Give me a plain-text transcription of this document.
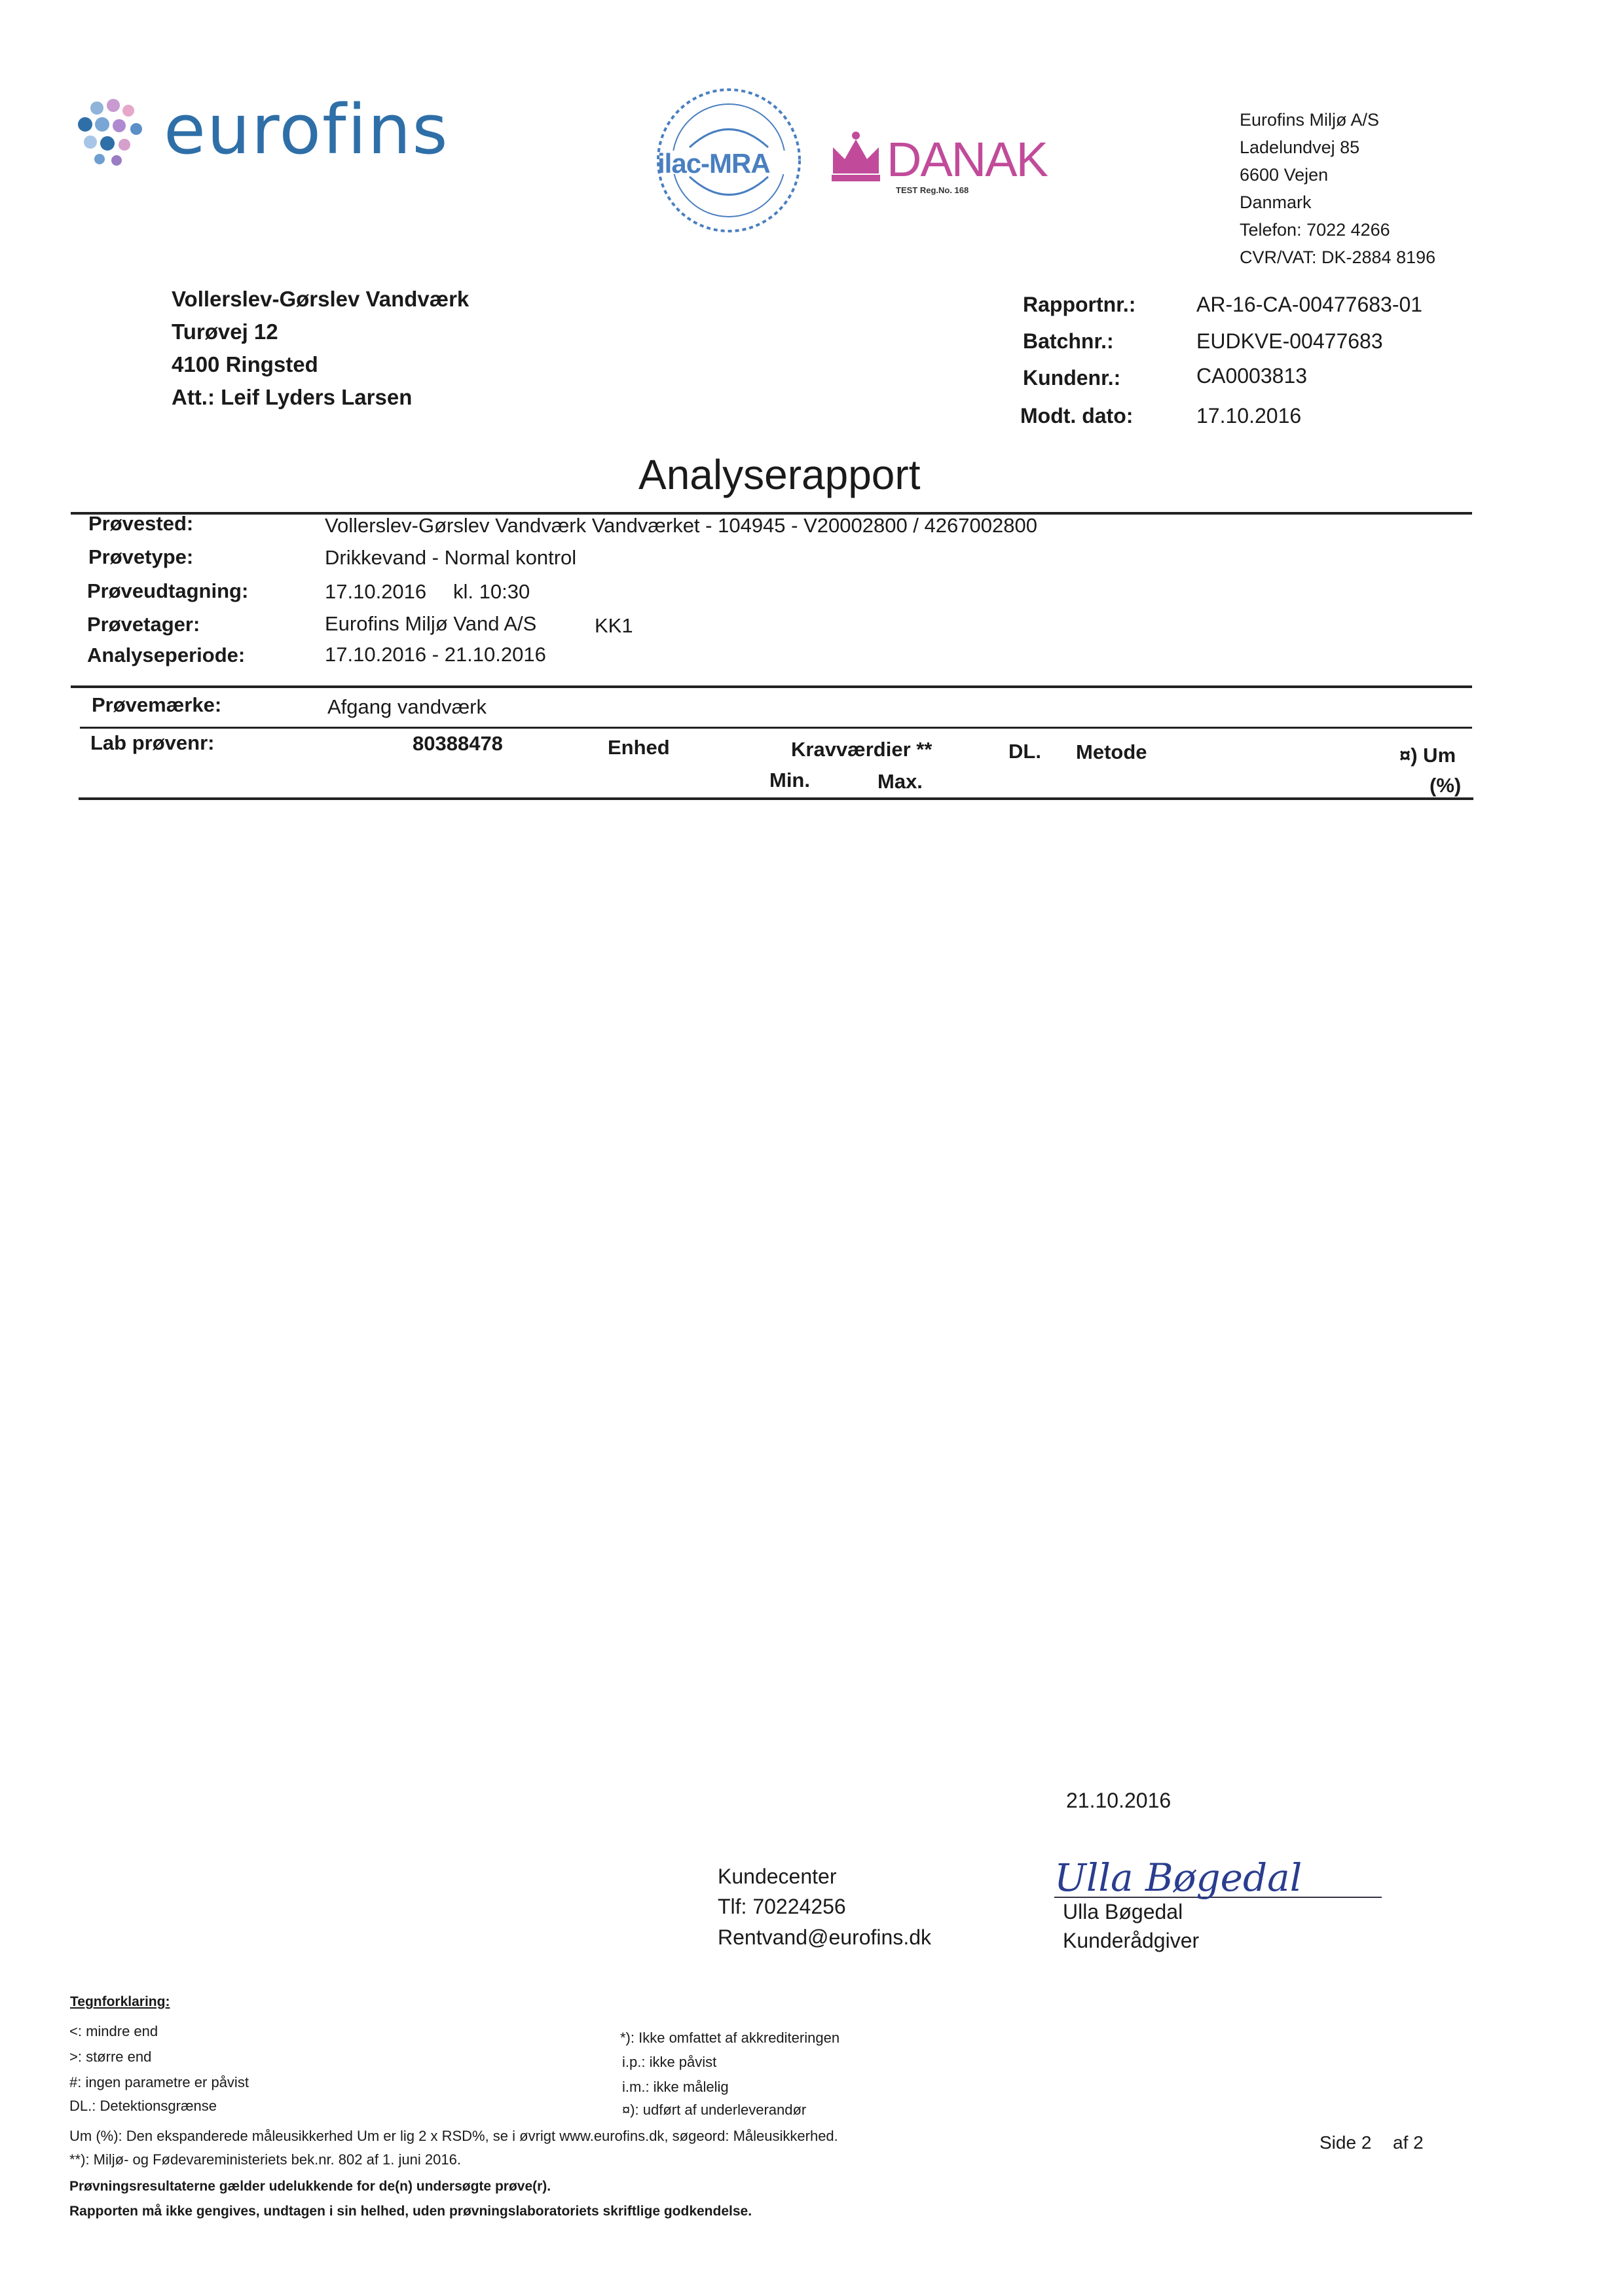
eurofins	ilac-MRA DANAK
TEST Reg.No. 168
Eurofins Miljø A/S
Ladelundvej 85
6600 Vejen
Danmark
Telefon: 7022 4266
CVR/VAT: DK-2884 8196
Vollerslev-Gørslev Vandværk
Turøvej 12
4100 Ringsted
Att.: Leif Lyders Larsen
Rapportnr.:	AR-16-CA-00477683-01
Batchnr.:	EUDKVE-00477683
Kundenr.:	CA0003813
Modt. dato:	17.10.2016
Analyserapport
Prøvested:	Vollerslev-Gørslev Vandværk Vandværket - 104945 - V20002800 / 4267002800
Prøvetype:	Drikkevand - Normal kontrol
Prøveudtagning:	17.10.2016 kl. 10:30
Prøvetager:	Eurofins Miljø Vand A/S	KK1
Analyseperiode:	17.10.2016 - 21.10.2016
Prøvemærke:	Afgang vandværk
Lab prøvenr:	80388478	Enhed	Kravværdier **
Min.	Max.
DL. Metode	¤) Um
(%)
21.10.2016
Kundecenter
Tlf: 70224256
Rentvand@eurofins.dk
Ulla Bøgedal
Ulla Bøgedal
Kunderådgiver
Tegnforklaring:
<: mindre end
>: større end
#: ingen parametre er påvist
DL.: Detektionsgrænse
*): Ikke omfattet af akkrediteringen
i.p.: ikke påvist
i.m.: ikke målelig
¤): udført af underleverandør
Um (%): Den ekspanderede måleusikkerhed Um er lig 2 x RSD%, se i øvrigt www.eurofins.dk, søgeord: Måleusikkerhed.
**): Miljø- og Fødevareministeriets bek.nr. 802 af 1. juni 2016.
Prøvningsresultaterne gælder udelukkende for de(n) undersøgte prøve(r).
Rapporten må ikke gengives, undtagen i sin helhed, uden prøvningslaboratoriets skriftlige godkendelse.
Side 2 af 2
